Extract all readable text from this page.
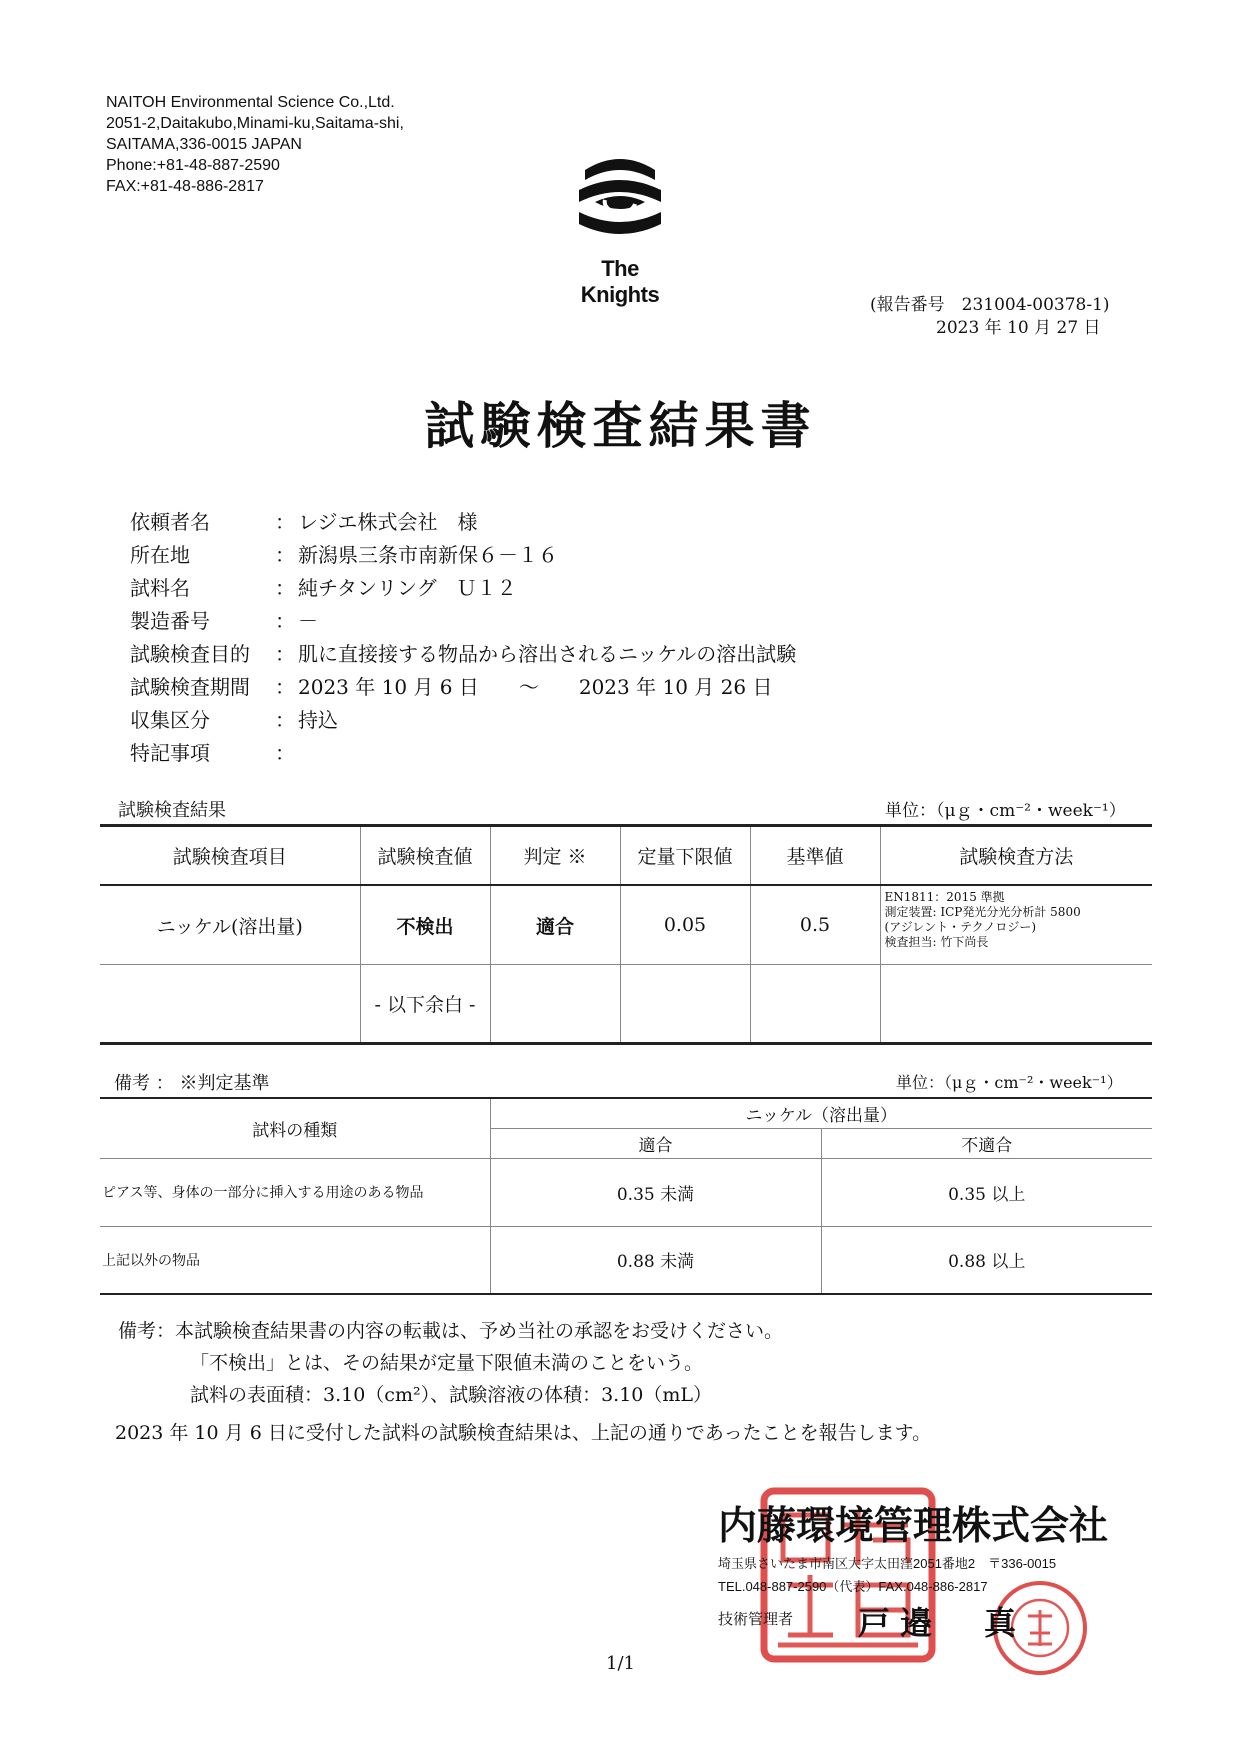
NAITOH Environmental Science Co.,Ltd.
2051-2,Daitakubo,Minami-ku,Saitama-shi,
SAITAMA,336-0015 JAPAN
Phone:+81-48-887-2590
FAX:+81-48-886-2817
The Knights	(報告番号　231004-00378-1)
2023 年 10 月 27 日
試験検査結果書
依頼者名	： レジエ株式会社　様
所在地	： 新潟県三条市南新保６－１６
試料名	： 純チタンリング　Ｕ１２
製造番号	： －
試験検査目的	： 肌に直接接する物品から溶出されるニッケルの溶出試験
試験検査期間	： 2023 年 10 月 6 日　　～　　2023 年 10 月 26 日
収集区分	： 持込
特記事項	：
試験検査結果	単位：（μｇ・cm⁻²・week⁻¹）
試験検査項目	試験検査値	判定 ※	定量下限値	基準値	試験検査方法
ニッケル(溶出量)	不検出	適合	0.05	0.5	EN1811：2015 準拠
測定装置: ICP発光分光分析計 5800
(アジレント・テクノロジー)
検査担当: 竹下尚長

	- 以下余白 -				
備考 ： ※判定基準	単位：（μｇ・cm⁻²・week⁻¹）
試料の種類	ニッケル（溶出量）	
	適合	不適合
ピアス等、身体の一部分に挿入する用途のある物品	0.35 未満	0.35 以上
上記以外の物品	0.88 未満	0.88 以上
備考：本試験検査結果書の内容の転載は、予め当社の承認をお受けください。
「不検出」とは、その結果が定量下限値未満のことをいう。
試料の表面積：3.10（cm²）、試験溶液の体積：3.10（mL）
2023 年 10 月 6 日に受付した試料の試験検査結果は、上記の通りであったことを報告します。
内藤環境管理株式会社
埼玉県さいたま市南区大字太田窪2051番地2　〒336-0015
TEL.048-887-2590（代表）FAX.048-886-2817
技術管理者 戸邉　真
1/1
